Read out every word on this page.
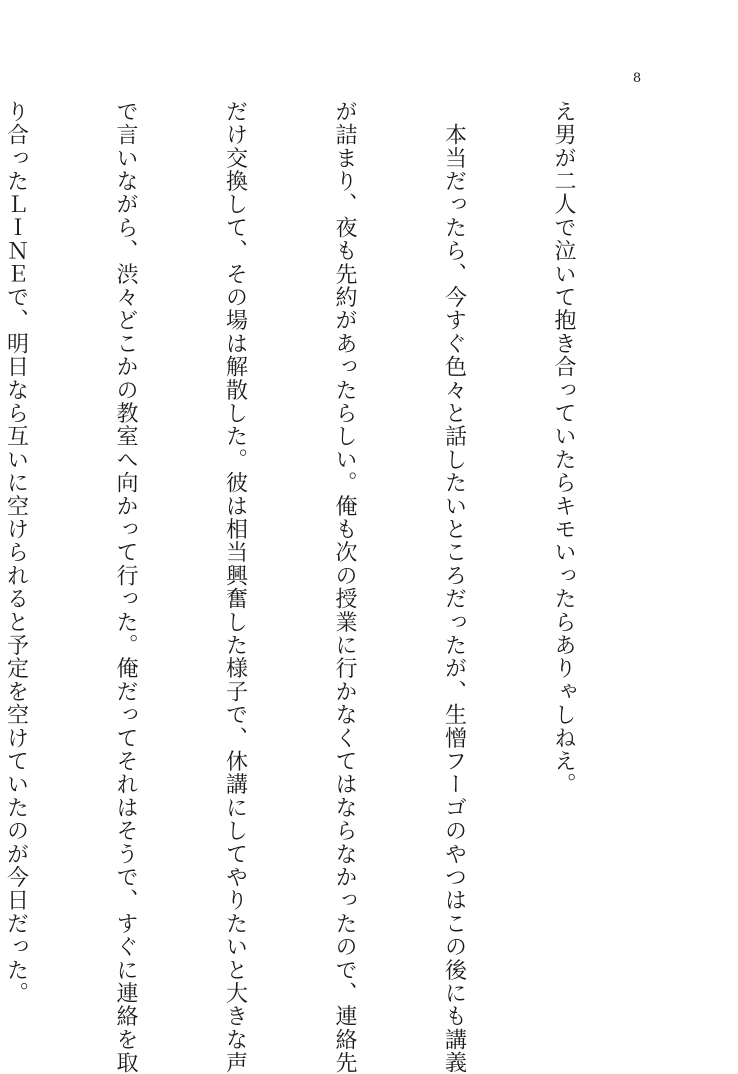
8

え男が二人で泣いて抱き合っていたらキモいったらありゃしねえ。

　本当だったら、今すぐ色々と話したいところだったが、生憎フーゴのやつはこの後にも講義

が詰まり、夜も先約があったらしい。俺も次の授業に行かなくてはならなかったので、連絡先

だけ交換して、その場は解散した。彼は相当興奮した様子で、休講にしてやりたいと大きな声

で言いながら、渋々どこかの教室へ向かって行った。俺だってそれはそうで、すぐに連絡を取

り合ったＬＩＮＥで、明日なら互いに空けられると予定を空けていたのが今日だった。
